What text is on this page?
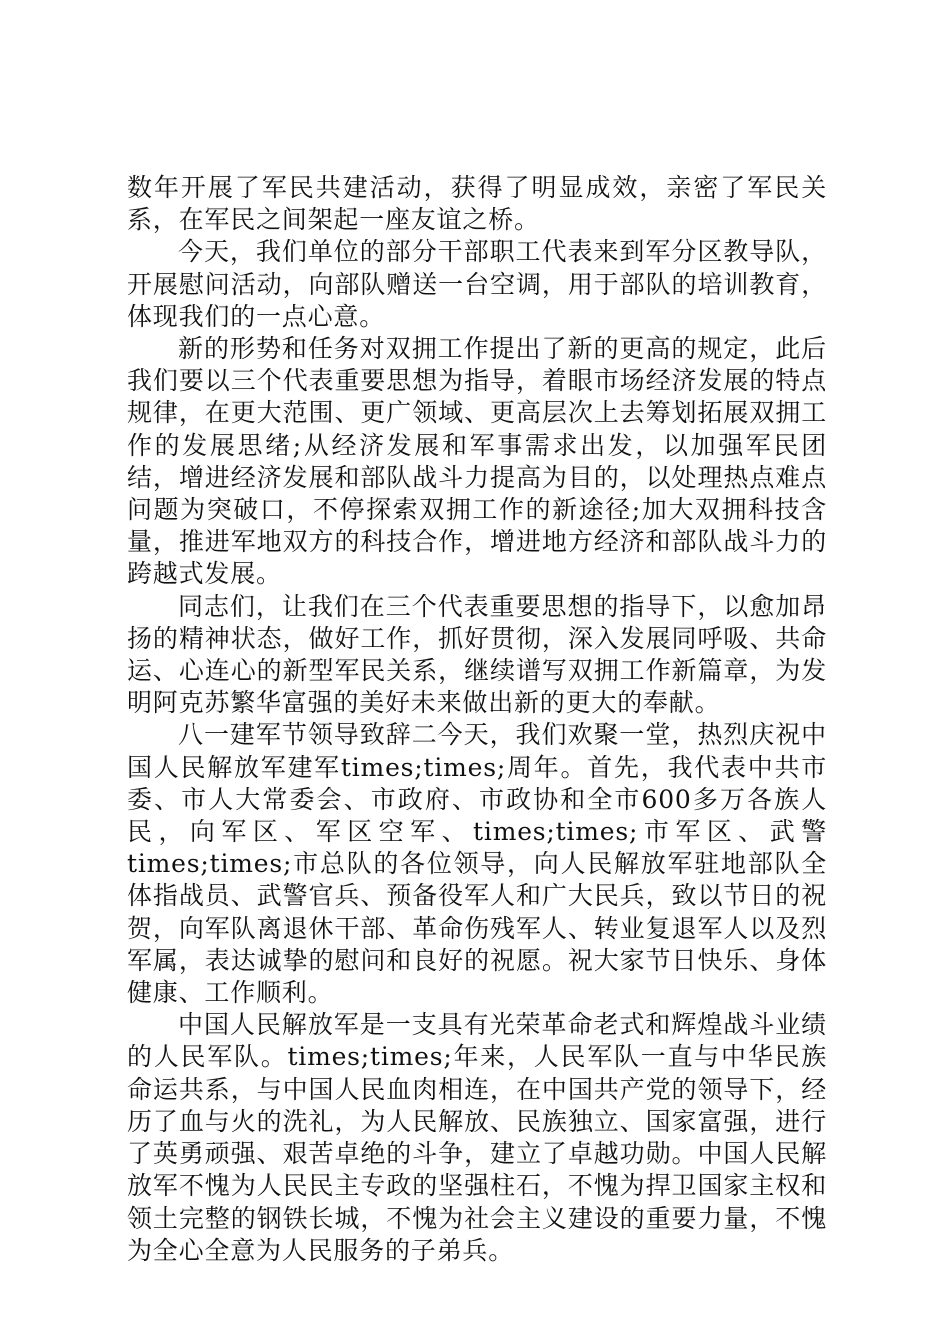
数年开展了军民共建活动，获得了明显成效，亲密了军民关系，在军民之间架起一座友谊之桥。

今天，我们单位的部分干部职工代表来到军分区教导队，开展慰问活动，向部队赠送一台空调，用于部队的培训教育，体现我们的一点心意。

新的形势和任务对双拥工作提出了新的更高的规定，此后我们要以三个代表重要思想为指导，着眼市场经济发展的特点规律，在更大范围、更广领域、更高层次上去筹划拓展双拥工作的发展思绪;从经济发展和军事需求出发，以加强军民团结，增进经济发展和部队战斗力提高为目的，以处理热点难点问题为突破口，不停探索双拥工作的新途径;加大双拥科技含量，推进军地双方的科技合作，增进地方经济和部队战斗力的跨越式发展。

同志们，让我们在三个代表重要思想的指导下，以愈加昂扬的精神状态，做好工作，抓好贯彻，深入发展同呼吸、共命运、心连心的新型军民关系，继续谱写双拥工作新篇章，为发明阿克苏繁华富强的美好未来做出新的更大的奉献。

八一建军节领导致辞二今天，我们欢聚一堂，热烈庆祝中国人民解放军建军times;times;周年。首先，我代表中共市委、市人大常委会、市政府、市政协和全市600多万各族人民，向军区、军区空军、times;times;市军区、武警times;times;市总队的各位领导，向人民解放军驻地部队全体指战员、武警官兵、预备役军人和广大民兵，致以节日的祝贺，向军队离退休干部、革命伤残军人、转业复退军人以及烈军属，表达诚挚的慰问和良好的祝愿。祝大家节日快乐、身体健康、工作顺利。

中国人民解放军是一支具有光荣革命老式和辉煌战斗业绩的人民军队。times;times;年来，人民军队一直与中华民族命运共系，与中国人民血肉相连，在中国共产党的领导下，经历了血与火的洗礼，为人民解放、民族独立、国家富强，进行了英勇顽强、艰苦卓绝的斗争，建立了卓越功勋。中国人民解放军不愧为人民民主专政的坚强柱石，不愧为捍卫国家主权和领土完整的钢铁长城，不愧为社会主义建设的重要力量，不愧为全心全意为人民服务的子弟兵。
